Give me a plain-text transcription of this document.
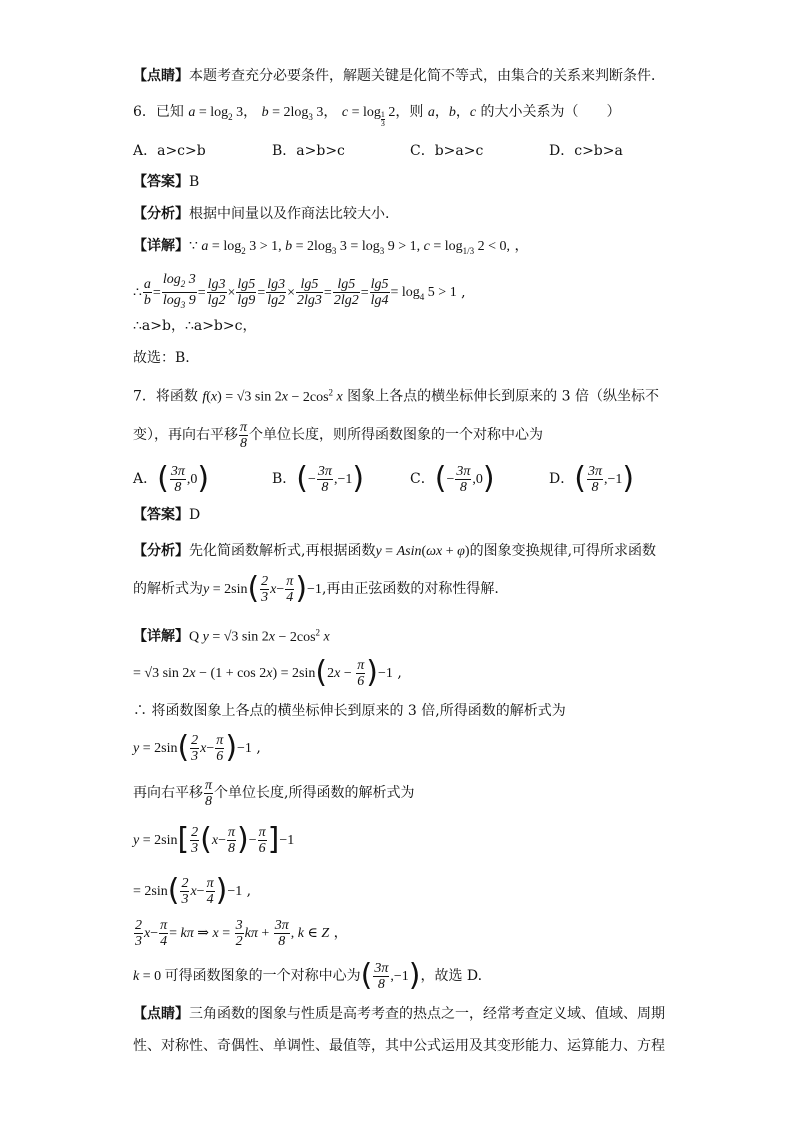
【点睛】本题考查充分必要条件，解题关键是化简不等式，由集合的关系来判断条件．
6．已知 $a = \log_2 3$， $b = 2\log_3$ 3， c = log $_{\frac{1}{3}}$ 2，则 a，b，c 的大小关系为（　　）
A．a>c>b	B．a>b>c	C．b>a>c	D．c>b>a
【答案】B
【分析】根据中间量以及作商法比较大小.
【详解】∵ $a = \log_2 3 > 1$, $b = 2\log_3$ $3 = \log_3 9 > 1$, $c = \log_{1/3} 2 < 0$, ，
∴ $\frac{a}{b} = \frac{\log_2 3}{\log_3 9} = \frac{\lg 3}{\lg 2} \times \frac{\lg 5}{\lg 9} = \frac{\lg 3}{\lg 2} \times \frac{\lg 5}{2\lg 3} = \frac{\lg 5}{2\lg 2} = \frac{\lg 5}{\lg 4} = \log_4 5 > 1$ ,
∴a>b，∴a>b>c，
故选：B.
7．将函数 f(x) = √3 $\sin 2x - 2\cos^2$ x 图象上各点的横坐标伸长到原来的 3 倍（纵坐标不
变），再向右平移 $\frac{\pi}{8}$ 个单位长度，则所得函数图象的一个对称中心为
A．( $\frac{3\pi}{8} ,0$)	B．(− $\frac{3\pi}{8} ,-1$)	C．(− $\frac{3\pi}{8} ,0$)	D．( $\frac{3\pi}{8} ,-1$)
【答案】D
【分析】先化简函数解析式,再根据函数y = Asin(ωx + φ)的图象变换规律,可得所求函数
的解析式为$y = 2\sin( \frac{2}{3} x- \frac{\pi}{4} )-1$,再由正弦函数的对称性得解.
【详解】Q y = √3 $\sin 2x - 2\cos^2$ x
= √3 $\sin 2x - (1 + \cos 2x) = 2\sin(2x - \frac{\pi}{6} )-1$ ,
∴ 将函数图象上各点的横坐标伸长到原来的 3 倍,所得函数的解析式为
$y = 2\sin( \frac{2}{3} x- \frac{\pi}{6} )-1$ ,
再向右平移 $\frac{\pi}{8}$ 个单位长度,所得函数的解析式为
$y = 2\sin[ \frac{2}{3} (x- \frac{\pi}{8}$ )− $\frac{\pi}{6} ]-1$
= $2\sin( \frac{2}{3} x- \frac{\pi}{4} )-1$ ,
$\frac{2}{3} x- \frac{\pi}{4} = k\pi$ ⇒ $x = \frac{3}{2}$ $k\pi + \frac{3\pi}{8}$ , k ∈ Z ，
k = 0 可得函数图象的一个对称中心为( $\frac{3\pi}{8} ,-1$)，故选 D.
【点睛】三角函数的图象与性质是高考考查的热点之一，经常考查定义域、值域、周期
性、对称性、奇偶性、单调性、最值等，其中公式运用及其变形能力、运算能力、方程
